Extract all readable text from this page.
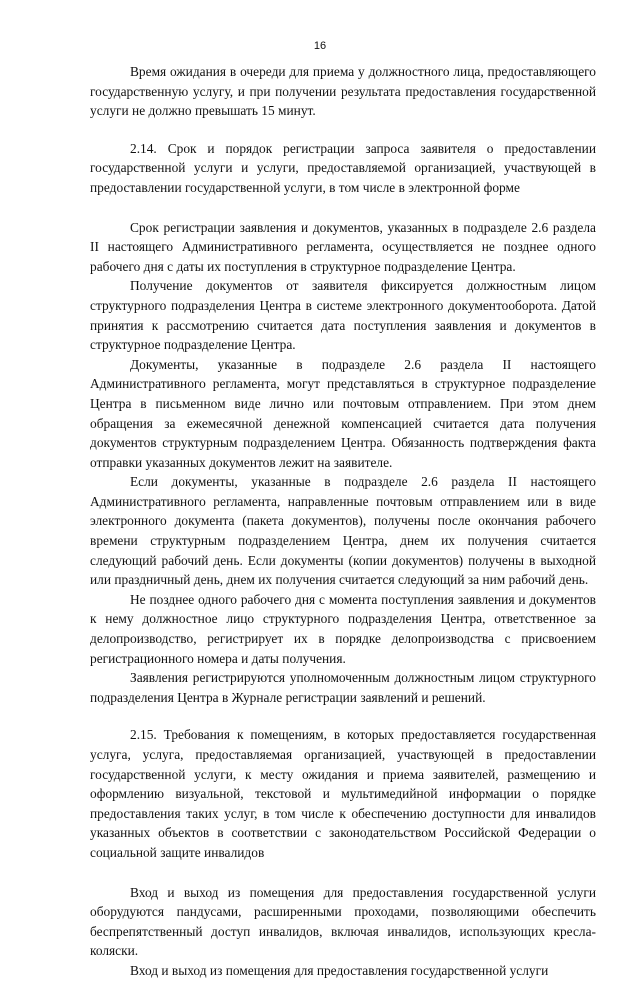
16

Время ожидания в очереди для приема у должностного лица, предоставляющего государственную услугу, и при получении результата предоставления государственной услуги не должно превышать 15 минут.

2.14. Срок и порядок регистрации запроса заявителя о предоставлении государственной услуги и услуги, предоставляемой организацией, участвующей в предоставлении государственной услуги, в том числе в электронной форме

Срок регистрации заявления и документов, указанных в подразделе 2.6 раздела II настоящего Административного регламента, осуществляется не позднее одного рабочего дня с даты их поступления в структурное подразделение Центра.

Получение документов от заявителя фиксируется должностным лицом структурного подразделения Центра в системе электронного документооборота. Датой принятия к рассмотрению считается дата поступления заявления и документов в структурное подразделение Центра.

Документы, указанные в подразделе 2.6 раздела II настоящего Административного регламента, могут представляться в структурное подразделение Центра в письменном виде лично или почтовым отправлением. При этом днем обращения за ежемесячной денежной компенсацией считается дата получения документов структурным подразделением Центра. Обязанность подтверждения факта отправки указанных документов лежит на заявителе.

Если документы, указанные в подразделе 2.6 раздела II настоящего Административного регламента, направленные почтовым отправлением или в виде электронного документа (пакета документов), получены после окончания рабочего времени структурным подразделением Центра, днем их получения считается следующий рабочий день. Если документы (копии документов) получены в выходной или праздничный день, днем их получения считается следующий за ним рабочий день.

Не позднее одного рабочего дня с момента поступления заявления и документов к нему должностное лицо структурного подразделения Центра, ответственное за делопроизводство, регистрирует их в порядке делопроизводства с присвоением регистрационного номера и даты получения.

Заявления регистрируются уполномоченным должностным лицом структурного подразделения Центра в Журнале регистрации заявлений и решений.

2.15. Требования к помещениям, в которых предоставляется государственная услуга, услуга, предоставляемая организацией, участвующей в предоставлении государственной услуги, к месту ожидания и приема заявителей, размещению и оформлению визуальной, текстовой и мультимедийной информации о порядке предоставления таких услуг, в том числе к обеспечению доступности для инвалидов указанных объектов в соответствии с законодательством Российской Федерации о социальной защите инвалидов

Вход и выход из помещения для предоставления государственной услуги оборудуются пандусами, расширенными проходами, позволяющими обеспечить беспрепятственный доступ инвалидов, включая инвалидов, использующих кресла-коляски.

Вход и выход из помещения для предоставления государственной услуги
